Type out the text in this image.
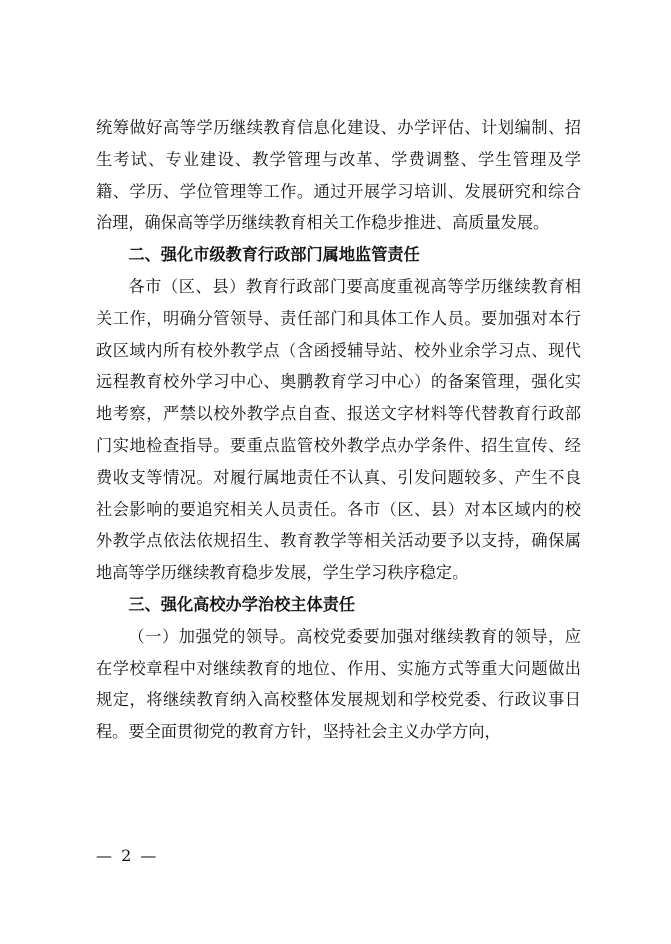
统筹做好高等学历继续教育信息化建设、办学评估、计划编制、招生考试、专业建设、教学管理与改革、学费调整、学生管理及学籍、学历、学位管理等工作。通过开展学习培训、发展研究和综合治理，确保高等学历继续教育相关工作稳步推进、高质量发展。

二、强化市级教育行政部门属地监管责任

各市（区、县）教育行政部门要高度重视高等学历继续教育相关工作，明确分管领导、责任部门和具体工作人员。要加强对本行政区域内所有校外教学点（含函授辅导站、校外业余学习点、现代远程教育校外学习中心、奥鹏教育学习中心）的备案管理，强化实地考察，严禁以校外教学点自查、报送文字材料等代替教育行政部门实地检查指导。要重点监管校外教学点办学条件、招生宣传、经费收支等情况。对履行属地责任不认真、引发问题较多、产生不良社会影响的要追究相关人员责任。各市（区、县）对本区域内的校外教学点依法依规招生、教育教学等相关活动要予以支持，确保属地高等学历继续教育稳步发展，学生学习秩序稳定。

三、强化高校办学治校主体责任

（一）加强党的领导。高校党委要加强对继续教育的领导，应在学校章程中对继续教育的地位、作用、实施方式等重大问题做出规定，将继续教育纳入高校整体发展规划和学校党委、行政议事日程。要全面贯彻党的教育方针，坚持社会主义办学方向，

— 2 —
